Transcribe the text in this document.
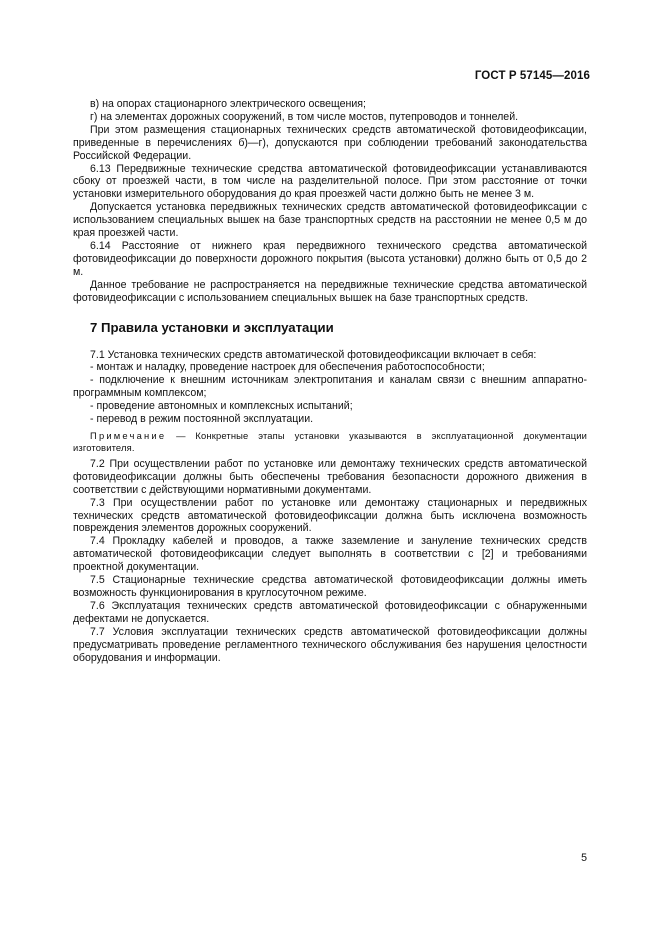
ГОСТ Р 57145—2016

в) на опорах стационарного электрического освещения;

г) на элементах дорожных сооружений, в том числе мостов, путепроводов и тоннелей.

При этом размещения стационарных технических средств автоматической фотовидеофиксации, приведенные в перечислениях б)—г), допускаются при соблюдении требований законодательства Российской Федерации.

6.13 Передвижные технические средства автоматической фотовидеофиксации устанавливаются сбоку от проезжей части, в том числе на разделительной полосе. При этом расстояние от точки установки измерительного оборудования до края проезжей части должно быть не менее 3 м.

Допускается установка передвижных технических средств автоматической фотовидеофиксации с использованием специальных вышек на базе транспортных средств на расстоянии не менее 0,5 м до края проезжей части.

6.14 Расстояние от нижнего края передвижного технического средства автоматической фотовидеофиксации до поверхности дорожного покрытия (высота установки) должно быть от 0,5 до 2 м.

Данное требование не распространяется на передвижные технические средства автоматической фотовидеофиксации с использованием специальных вышек на базе транспортных средств.

7 Правила установки и эксплуатации

7.1 Установка технических средств автоматической фотовидеофиксации включает в себя:

- монтаж и наладку, проведение настроек для обеспечения работоспособности;

- подключение к внешним источникам электропитания и каналам связи с внешним аппаратно-программным комплексом;

- проведение автономных и комплексных испытаний;

- перевод в режим постоянной эксплуатации.

Примечание — Конкретные этапы установки указываются в эксплуатационной документации изготовителя.

7.2 При осуществлении работ по установке или демонтажу технических средств автоматической фотовидеофиксации должны быть обеспечены требования безопасности дорожного движения в соответствии с действующими нормативными документами.

7.3 При осуществлении работ по установке или демонтажу стационарных и передвижных технических средств автоматической фотовидеофиксации должна быть исключена возможность повреждения элементов дорожных сооружений.

7.4 Прокладку кабелей и проводов, а также заземление и зануление технических средств автоматической фотовидеофиксации следует выполнять в соответствии с [2] и требованиями проектной документации.

7.5 Стационарные технические средства автоматической фотовидеофиксации должны иметь возможность функционирования в круглосуточном режиме.

7.6 Эксплуатация технических средств автоматической фотовидеофиксации с обнаруженными дефектами не допускается.

7.7 Условия эксплуатации технических средств автоматической фотовидеофиксации должны предусматривать проведение регламентного технического обслуживания без нарушения целостности оборудования и информации.

5
